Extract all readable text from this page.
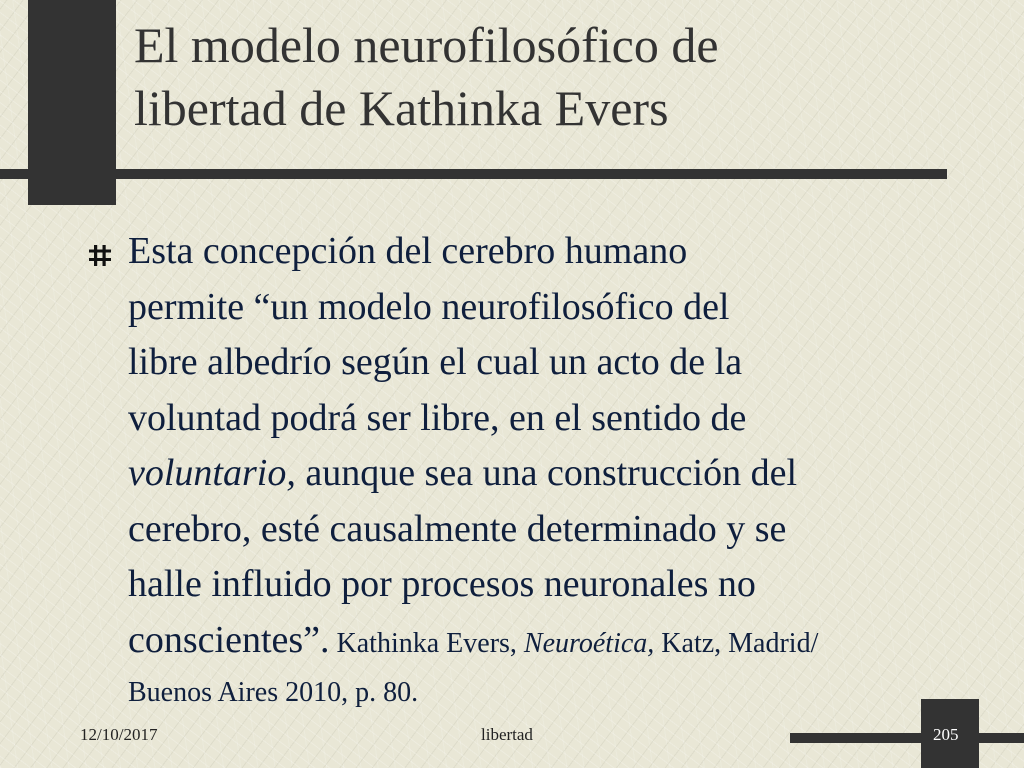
El modelo neurofilosófico de
libertad de Kathinka Evers
Esta concepción del cerebro humano
permite “un modelo neurofilosófico del
libre albedrío según el cual un acto de la
voluntad podrá ser libre, en el sentido de
voluntario, aunque sea una construcción del
cerebro, esté causalmente determinado y se
halle influido por procesos neuronales no
conscientes”. Kathinka Evers, Neuroética, Katz, Madrid/
Buenos Aires 2010, p. 80.
12/10/2017	libertad	205
